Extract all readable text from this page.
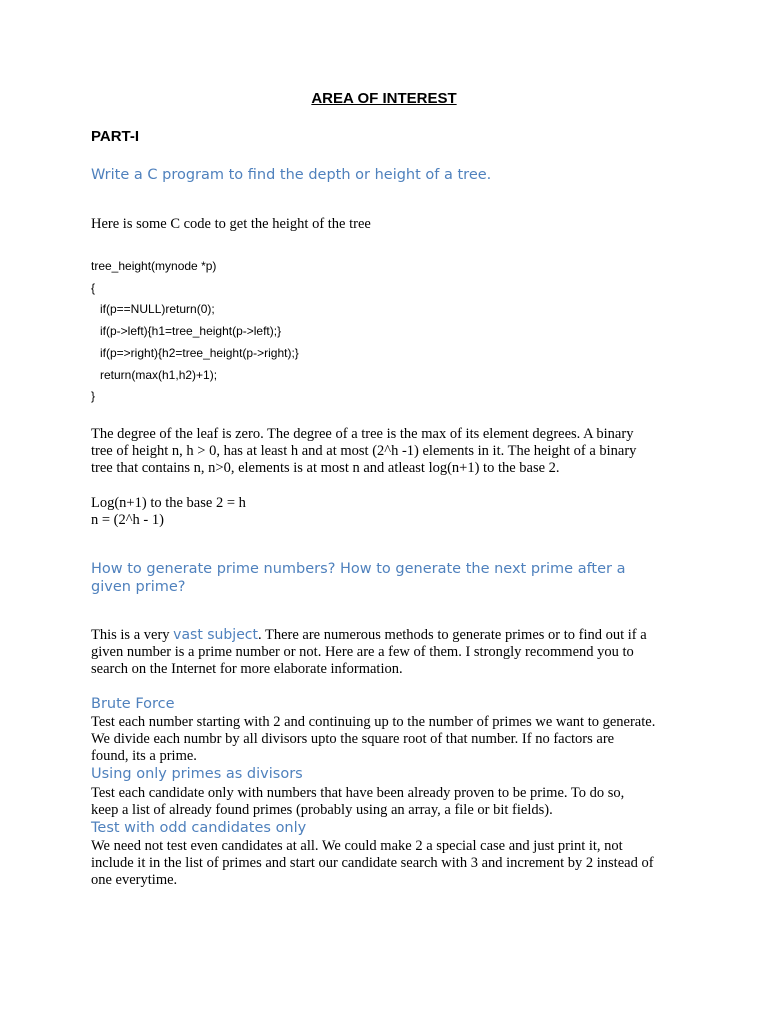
AREA OF INTEREST
PART-I
Write a C program to find the depth or height of a tree.
Here is some C code to get the height of the tree
tree_height(mynode *p)
{
if(p==NULL)return(0);
if(p->left){h1=tree_height(p->left);}
if(p=>right){h2=tree_height(p->right);}
return(max(h1,h2)+1);
}
The degree of the leaf is zero. The degree of a tree is the max of its element degrees. A binary
tree of height n, h > 0, has at least h and at most (2^h -1) elements in it. The height of a binary
tree that contains n, n>0, elements is at most n and atleast log(n+1) to the base 2.
Log(n+1) to the base 2 = h
n = (2^h - 1)
How to generate prime numbers? How to generate the next prime after a
given prime?
This is a very vast subject. There are numerous methods to generate primes or to find out if a
given number is a prime number or not. Here are a few of them. I strongly recommend you to
search on the Internet for more elaborate information.
Brute Force
Test each number starting with 2 and continuing up to the number of primes we want to generate.
We divide each numbr by all divisors upto the square root of that number. If no factors are
found, its a prime.
Using only primes as divisors
Test each candidate only with numbers that have been already proven to be prime. To do so,
keep a list of already found primes (probably using an array, a file or bit fields).
Test with odd candidates only
We need not test even candidates at all. We could make 2 a special case and just print it, not
include it in the list of primes and start our candidate search with 3 and increment by 2 instead of
one everytime.
